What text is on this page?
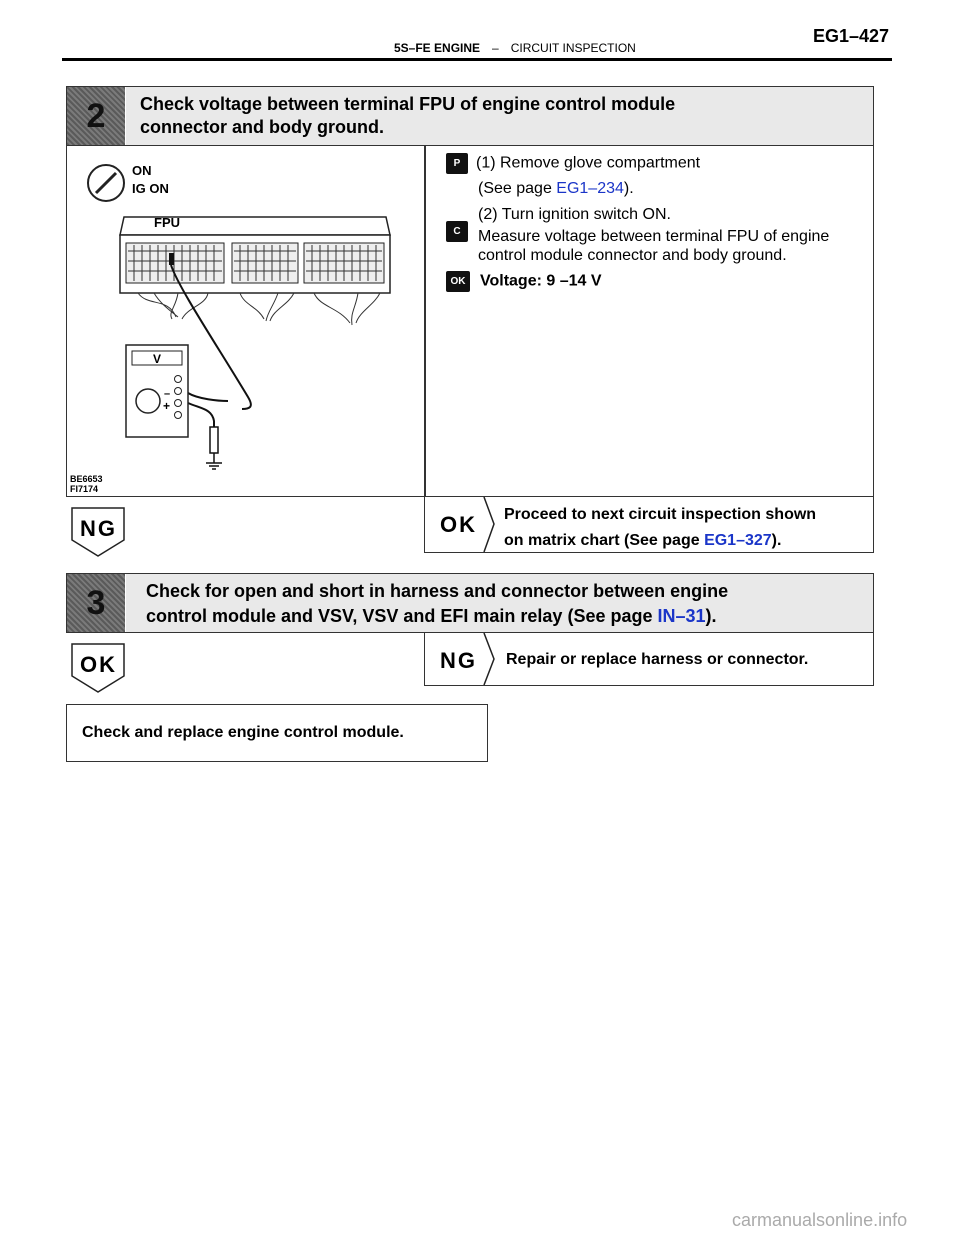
5S–FE ENGINE – CIRCUIT INSPECTION
EG1–427
2	Check voltage between terminal FPU of engine control module
connector and body ground.
ON
IG ON
FPU
V
–
+
BE6653
FI7174
P (1) Remove glove compartment
(See page EG1–234).
(2) Turn ignition switch ON.
C	Measure voltage between terminal FPU of engine
control module connector and body ground.
OK Voltage: 9 –14 V
NG	OK Proceed to next circuit inspection shown
on matrix chart (See page EG1–327).
3	Check for open and short in harness and connector between engine
control module and VSV, VSV and EFI main relay (See page IN–31).
OK	NG Repair or replace harness or connector.
Check and replace engine control module.
carmanualsonline.info
